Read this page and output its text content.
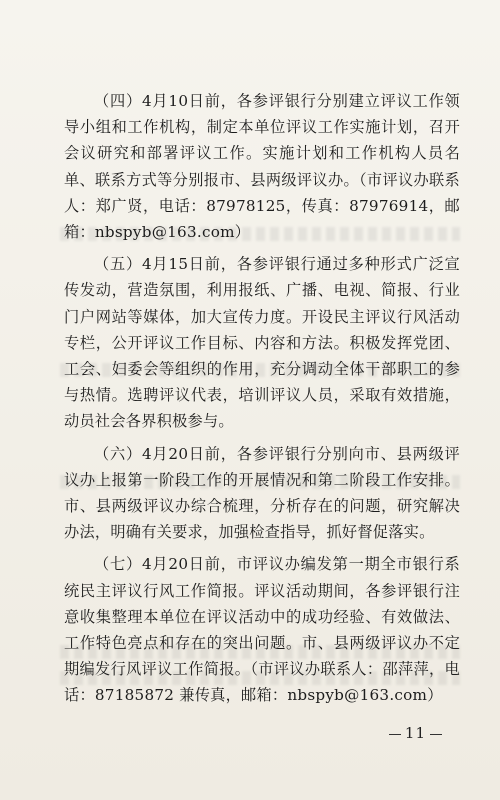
（四）4月10日前，各参评银行分别建立评议工作领导小组和工作机构，制定本单位评议工作实施计划，召开会议研究和部署评议工作。实施计划和工作机构人员名单、联系方式等分别报市、县两级评议办。（市评议办联系人：郑广贤，电话：87978125，传真：87976914，邮箱：nbspyb@163.com）

（五）4月15日前，各参评银行通过多种形式广泛宣传发动，营造氛围，利用报纸、广播、电视、简报、行业门户网站等媒体，加大宣传力度。开设民主评议行风活动专栏，公开评议工作目标、内容和方法。积极发挥党团、工会、妇委会等组织的作用，充分调动全体干部职工的参与热情。选聘评议代表，培训评议人员，采取有效措施，动员社会各界积极参与。

（六）4月20日前，各参评银行分别向市、县两级评议办上报第一阶段工作的开展情况和第二阶段工作安排。市、县两级评议办综合梳理，分析存在的问题，研究解决办法，明确有关要求，加强检查指导，抓好督促落实。

（七）4月20日前，市评议办编发第一期全市银行系统民主评议行风工作简报。评议活动期间，各参评银行注意收集整理本单位在评议活动中的成功经验、有效做法、工作特色亮点和存在的突出问题。市、县两级评议办不定期编发行风评议工作简报。（市评议办联系人：邵萍萍，电话：87185872 兼传真，邮箱：nbspyb@163.com）

11
